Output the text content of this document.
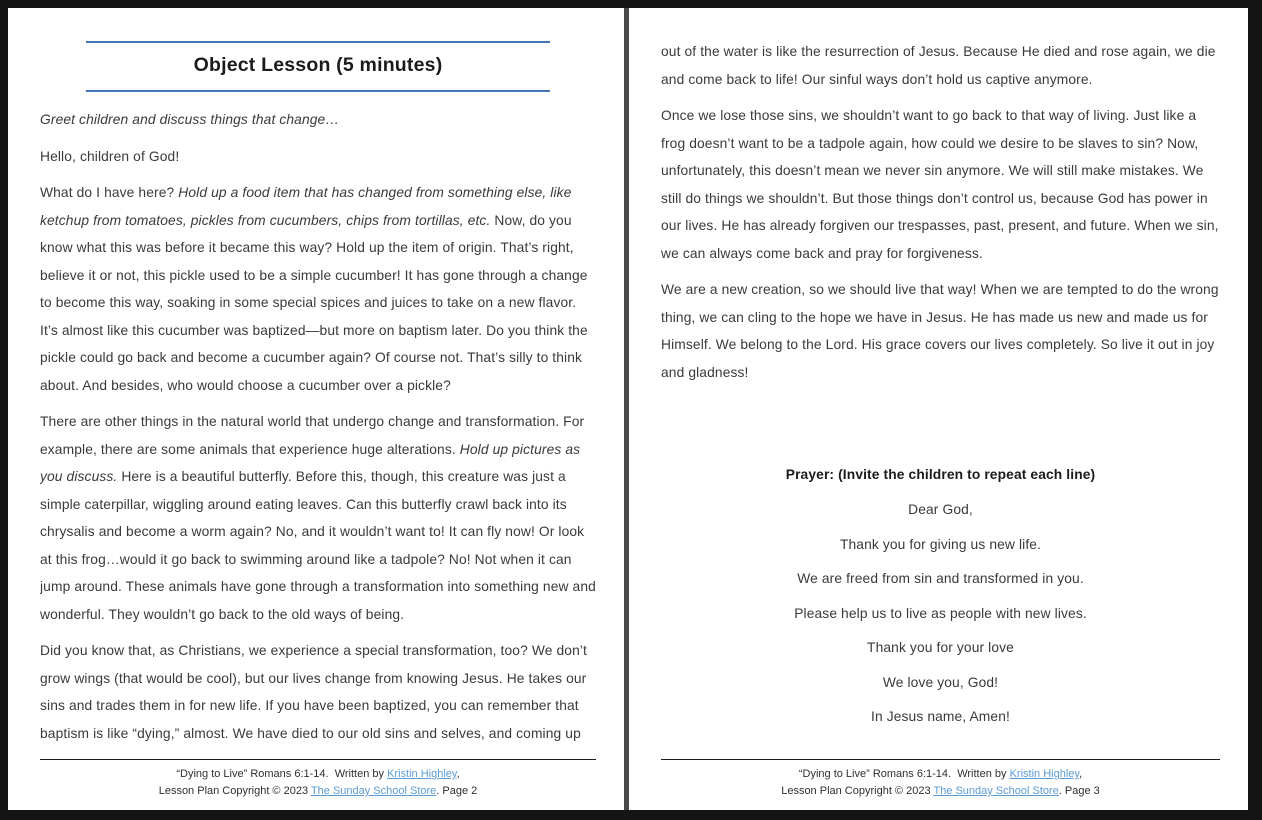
Object Lesson (5 minutes)

Greet children and discuss things that change…

Hello, children of God!

What do I have here? Hold up a food item that has changed from something else, like ketchup from tomatoes, pickles from cucumbers, chips from tortillas, etc. Now, do you know what this was before it became this way? Hold up the item of origin. That’s right, believe it or not, this pickle used to be a simple cucumber! It has gone through a change to become this way, soaking in some special spices and juices to take on a new flavor. It’s almost like this cucumber was baptized—but more on baptism later. Do you think the pickle could go back and become a cucumber again? Of course not. That’s silly to think about. And besides, who would choose a cucumber over a pickle?

There are other things in the natural world that undergo change and transformation. For example, there are some animals that experience huge alterations. Hold up pictures as you discuss. Here is a beautiful butterfly. Before this, though, this creature was just a simple caterpillar, wiggling around eating leaves. Can this butterfly crawl back into its chrysalis and become a worm again? No, and it wouldn’t want to! It can fly now! Or look at this frog…would it go back to swimming around like a tadpole? No! Not when it can jump around. These animals have gone through a transformation into something new and wonderful. They wouldn’t go back to the old ways of being.

Did you know that, as Christians, we experience a special transformation, too? We don’t grow wings (that would be cool), but our lives change from knowing Jesus. He takes our sins and trades them in for new life. If you have been baptized, you can remember that baptism is like “dying,” almost. We have died to our old sins and selves, and coming up

“Dying to Live” Romans 6:1-14.  Written by Kristin Highley,
Lesson Plan Copyright © 2023 The Sunday School Store. Page 2

out of the water is like the resurrection of Jesus. Because He died and rose again, we die and come back to life! Our sinful ways don’t hold us captive anymore.

Once we lose those sins, we shouldn’t want to go back to that way of living. Just like a frog doesn’t want to be a tadpole again, how could we desire to be slaves to sin? Now, unfortunately, this doesn’t mean we never sin anymore. We will still make mistakes. We still do things we shouldn’t. But those things don’t control us, because God has power in our lives. He has already forgiven our trespasses, past, present, and future. When we sin, we can always come back and pray for forgiveness.

We are a new creation, so we should live that way! When we are tempted to do the wrong thing, we can cling to the hope we have in Jesus. He has made us new and made us for Himself. We belong to the Lord. His grace covers our lives completely. So live it out in joy and gladness!

Prayer: (Invite the children to repeat each line)
Dear God,
Thank you for giving us new life.
We are freed from sin and transformed in you.
Please help us to live as people with new lives.
Thank you for your love
We love you, God!
In Jesus name, Amen!
“Dying to Live” Romans 6:1-14.  Written by Kristin Highley,
Lesson Plan Copyright © 2023 The Sunday School Store. Page 3
